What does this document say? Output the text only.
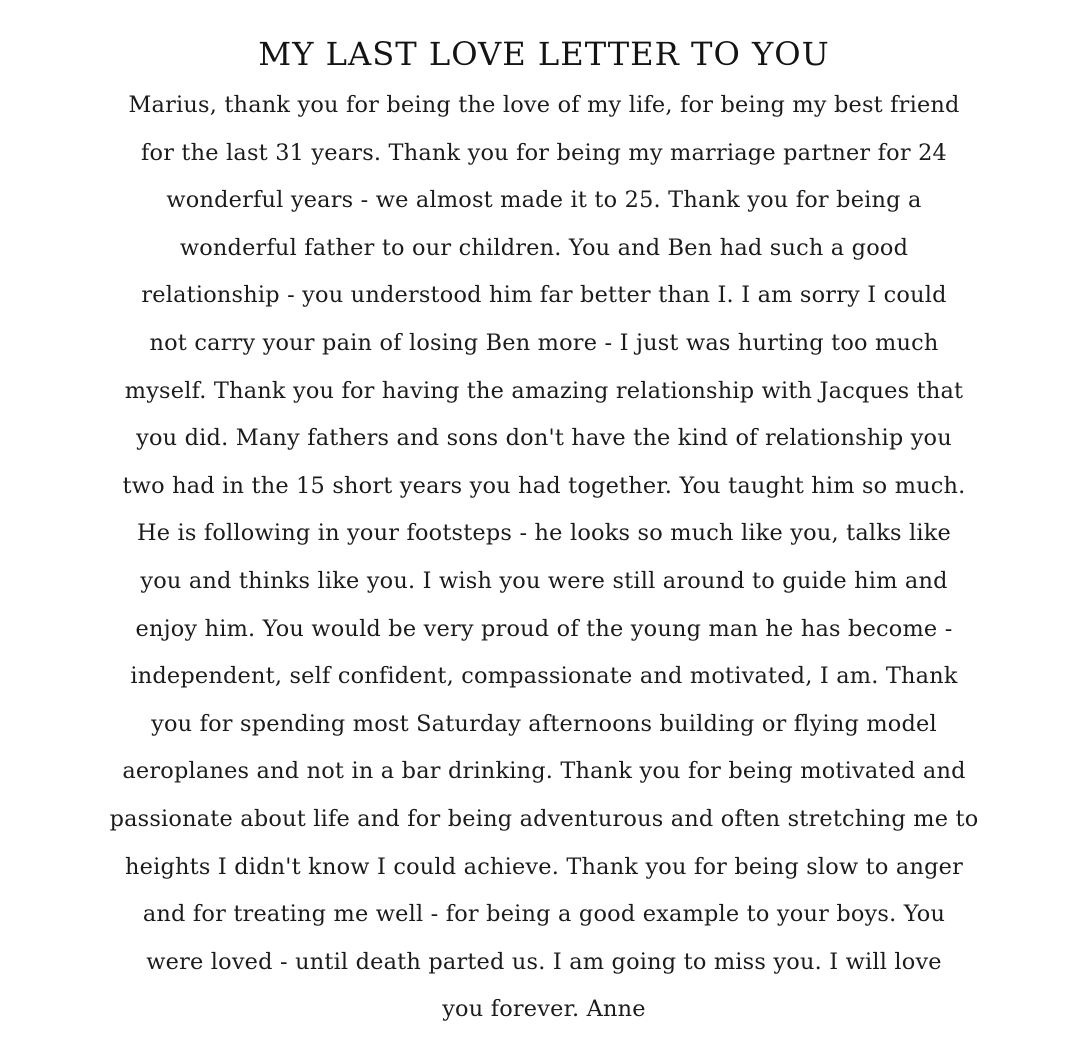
MY LAST LOVE LETTER TO YOU
Marius, thank you for being the love of my life, for being my best friend
for the last 31 years. Thank you for being my marriage partner for 24
wonderful years - we almost made it to 25. Thank you for being a
wonderful father to our children. You and Ben had such a good
relationship - you understood him far better than I. I am sorry I could
not carry your pain of losing Ben more - I just was hurting too much
myself. Thank you for having the amazing relationship with Jacques that
you did. Many fathers and sons don't have the kind of relationship you
two had in the 15 short years you had together. You taught him so much.
He is following in your footsteps - he looks so much like you, talks like
you and thinks like you. I wish you were still around to guide him and
enjoy him. You would be very proud of the young man he has become -
independent, self confident, compassionate and motivated, I am. Thank
you for spending most Saturday afternoons building or flying model
aeroplanes and not in a bar drinking. Thank you for being motivated and
passionate about life and for being adventurous and often stretching me to
heights I didn't know I could achieve. Thank you for being slow to anger
and for treating me well - for being a good example to your boys. You
were loved - until death parted us. I am going to miss you. I will love
you forever. Anne
